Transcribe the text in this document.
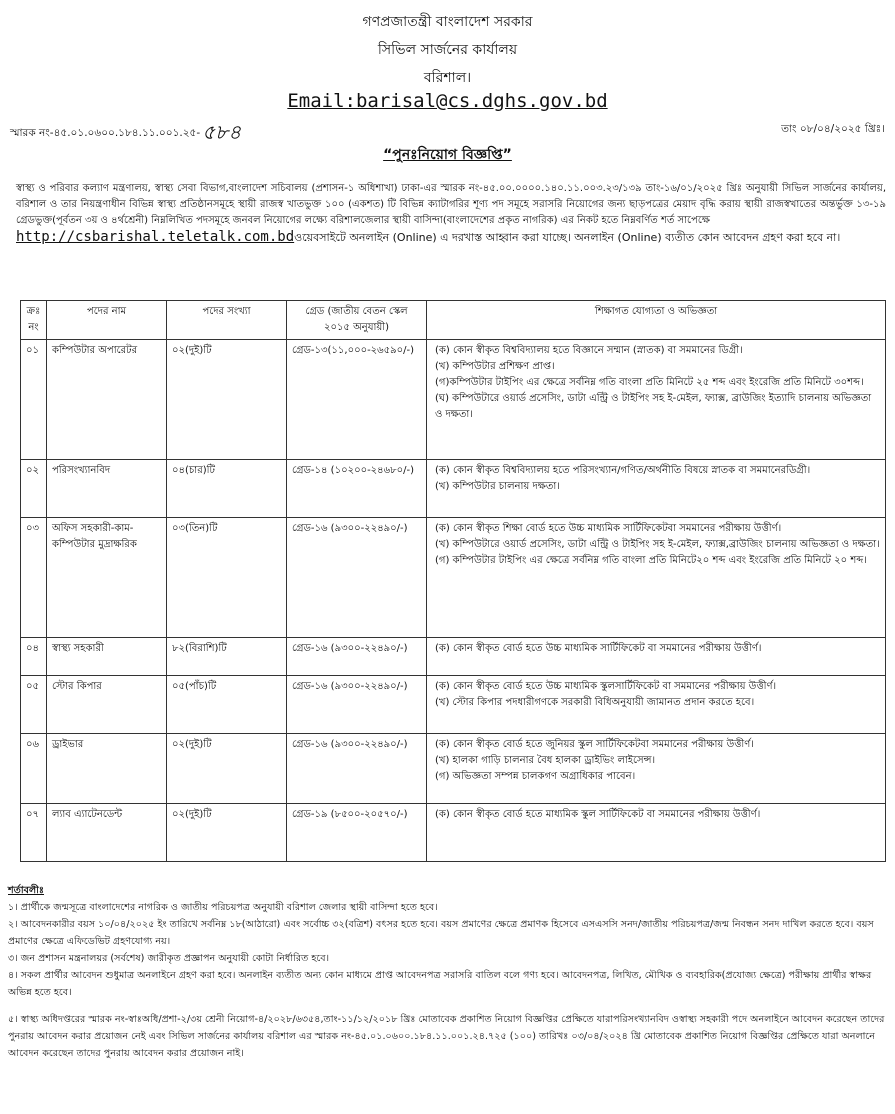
গণপ্রজাতন্ত্রী বাংলাদেশ সরকার
সিভিল সার্জনের কার্যালয়
বরিশাল।
Email:barisal@cs.dghs.gov.bd
স্মারক নং-৪৫.০১.০৬০০.১৮৪.১১.০০১.২৫- ৫৮৪	তাং ০৮/০৪/২০২৫ খ্রিঃ।
“পুনঃনিয়োগ বিজ্ঞপ্তি”
স্বাস্থ্য ও পরিবার কল্যাণ মন্ত্রণালয়, স্বাস্থ্য সেবা বিভাগ,বাংলাদেশ সচিবালয় (প্রশাসন-১ অধিশাখা) ঢাকা-এর স্মারক নং-৪৫.০০.০০০০.১৪০.১১.০০৩.২৩/১৩৯ তাং-১৬/০১/২০২৫ খ্রিঃ অনুযায়ী সিভিল সার্জনের কার্যালয়, বরিশাল ও তার নিয়ন্ত্রণাধীন বিভিন্ন স্বাস্থ্য প্রতিষ্ঠানসমূহে স্থায়ী রাজস্ব খাতভুক্ত ১০০ (একশত) টি বিভিন্ন ক্যাটাগরির শূণ্য পদ সমূহে সরাসরি নিয়োগের জন্য ছাড়পত্রের মেয়াদ বৃদ্ধি করায় স্থায়ী রাজস্বখাতের অন্তর্ভুক্ত ১৩-১৯ গ্রেডভুক্ত(পূর্বতন ৩য় ও ৪র্থশ্রেনী) নিম্নলিখিত পদসমূহে জনবল নিয়োগের লক্ষ্যে বরিশালজেলার স্থায়ী বাসিন্দা(বাংলাদেশের প্রকৃত নাগরিক) এর নিকট হতে নিম্নবর্ণিত শর্ত সাপেক্ষে
http://csbarishal.teletalk.com.bdওয়েবসাইটে অনলাইন (Online) এ দরখাস্ত আহ্বান করা যাচ্ছে। অনলাইন (Online) ব্যতীত কোন আবেদন গ্রহণ করা হবে না।
ক্রঃ নং	পদের নাম	পদের সংখ্যা	গ্রেড (জাতীয় বেতন স্কেল ২০১৫ অনুযায়ী)	শিক্ষাগত যোগ্যতা ও অভিজ্ঞতা
০১	কম্পিউটার অপারেটর	০২(দুই)টি	গ্রেড-১৩(১১,০০০-২৬৫৯০/-)	(ক) কোন স্বীকৃত বিশ্ববিদ্যালয় হতে বিজ্ঞানে সম্মান (স্নাতক) বা সমমানের ডিগ্রী।
(খ) কম্পিউটার প্রশিক্ষণ প্রাপ্ত।
(গ)কম্পিউটার টাইপিং এর ক্ষেত্রে সর্বনিম্ন গতি বাংলা প্রতি মিনিটে ২৫ শব্দ এবং ইংরেজি প্রতি মিনিটে ৩০শব্দ।
(ঘ) কম্পিউটারে ওয়ার্ড প্রসেসিং, ডাটা এন্ট্রি ও টাইপিং সহ ই-মেইল, ফ্যাক্স, ব্রাউজিং ইত্যাদি চালনায় অভিজ্ঞতা ও দক্ষতা।

০২	পরিসংখ্যানবিদ	০৪(চার)টি	গ্রেড-১৪ (১০২০০-২৪৬৮০/-)	(ক) কোন স্বীকৃত বিশ্ববিদ্যালয় হতে পরিসংখ্যান/গণিত/অর্থনীতি বিষয়ে স্নাতক বা সমমানেরডিগ্রী।
(খ) কম্পিউটার চালনায় দক্ষতা।

০৩	অফিস সহকারী-কাম-কম্পিউটার মুদ্রাক্ষরিক	০৩(তিন)টি	গ্রেড-১৬ (৯৩০০-২২৪৯০/-)	(ক) কোন স্বীকৃত শিক্ষা বোর্ড হতে উচ্চ মাধ্যমিক সার্টিফিকেটবা সমমানের পরীক্ষায় উত্তীর্ণ।
(খ) কম্পিউটারে ওয়ার্ড প্রসেসিং, ডাটা এন্ট্রি ও টাইপিং সহ ই-মেইল, ফ্যাক্স,ব্রাউজিং চালনায় অভিজ্ঞতা ও দক্ষতা।
(গ) কম্পিউটার টাইপিং এর ক্ষেত্রে সর্বনিম্ন গতি বাংলা প্রতি মিনিটে২০ শব্দ এবং ইংরেজি প্রতি মিনিটে ২০ শব্দ।

০৪	স্বাস্থ্য সহকারী	৮২(বিরাশি)টি	গ্রেড-১৬ (৯৩০০-২২৪৯০/-)	(ক) কোন স্বীকৃত বোর্ড হতে উচ্চ মাধ্যমিক সার্টিফিকেট বা সমমানের পরীক্ষায় উত্তীর্ণ।

০৫	স্টোর কিপার	০৫(পাঁচ)টি	গ্রেড-১৬ (৯৩০০-২২৪৯০/-)	(ক) কোন স্বীকৃত বোর্ড হতে উচ্চ মাধ্যমিক স্কুলসার্টিফিকেট বা সমমানের পরীক্ষায় উত্তীর্ণ।
(খ) স্টোর কিপার পদধারীগণকে সরকারী বিধিঅনুযায়ী জামানত প্রদান করতে হবে।

০৬	ড্রাইভার	০২(দুই)টি	গ্রেড-১৬ (৯৩০০-২২৪৯০/-)	(ক) কোন স্বীকৃত বোর্ড হতে জুনিয়র স্কুল সার্টিফিকেটবা সমমানের পরীক্ষায় উত্তীর্ণ।
(খ) হালকা গাড়ি চালনার বৈধ হালকা ড্রাইভিং লাইসেন্স।
(গ) অভিজ্ঞতা সম্পন্ন চালকগণ অগ্রাধিকার পাবেন।

০৭	ল্যাব এ্যাটেনডেন্ট	০২(দুই)টি	গ্রেড-১৯ (৮৫০০-২০৫৭০/-)	(ক) কোন স্বীকৃত বোর্ড হতে মাধ্যমিক স্কুল সার্টিফিকেট বা সমমানের পরীক্ষায় উত্তীর্ণ।
শর্তাবলীঃ

১। প্রার্থীকে জন্মসূত্রে বাংলাদেশের নাগরিক ও জাতীয় পরিচয়পত্র অনুযায়ী বরিশাল জেলার স্থায়ী বাসিন্দা হতে হবে।

২। আবেদনকারীর বয়স ১০/০৪/২০২৫ ইং তারিখে সর্বনিম্ন ১৮(আঠারো) এবং সর্বোচ্চ ৩২(বত্রিশ) বৎসর হতে হবে। বয়স প্রমাণের ক্ষেত্রে প্রমাণক হিসেবে এসএসসি সনদ/জাতীয় পরিচয়পত্র/জন্ম নিবন্ধন সনদ দাখিল করতে হবে। বয়স প্রমাণের ক্ষেত্রে এফিডেভিট গ্রহণযোগ্য নয়।

৩। জন প্রশাসন মন্ত্রনালয়র (সর্বশেষ) জারীকৃত প্রজ্ঞাপন অনুযায়ী কোটা নির্ধারিত হবে।

৪। সকল প্রার্থীর আবেদন শুধুমাত্র অনলাইনে গ্রহণ করা হবে। অনলাইন ব্যতীত অন্য কোন মাধ্যমে প্রাপ্ত আবেদনপত্র সরাসরি বাতিল বলে গণ্য হবে। আবেদনপত্র, লিখিত, মৌখিক ও ব্যবহারিক(প্রযোজ্য ক্ষেত্রে) পরীক্ষায় প্রার্থীর স্বাক্ষর অভিন্ন হতে হবে।

৫। স্বাস্থ্য অধিদপ্তরের স্মারক নং-স্বাঃঅধি/প্রশা-২/৩য় শ্রেনী নিয়োগ-৪/২০২৮/৬৩৫৪,তাং-১১/১২/২০১৮ খ্রিঃ মোতাবেক প্রকাশিত নিয়োগ বিজ্ঞপ্তির প্রেক্ষিতে যারাপরিসংখ্যানবিদ ওস্বাস্থ্য সহকারী পদে অনলাইনে আবেদন করেছেন তাদের পুনরায় আবেদন করার প্রয়োজন নেই এবং সিভিল সার্জনের কার্যালয় বরিশাল এর স্মারক নং-৪৫.০১.০৬০০.১৮৪.১১.০০১.২৪.৭২৫ (১০০) তারিখঃ ০৩/০৪/২০২৪ খ্রি মোতাবেক প্রকাশিত নিয়োগ বিজ্ঞপ্তির প্রেক্ষিতে যারা অনলানে আবেদন করেছেন তাদের পুনরায় আবেদন করার প্রয়োজন নাই।
